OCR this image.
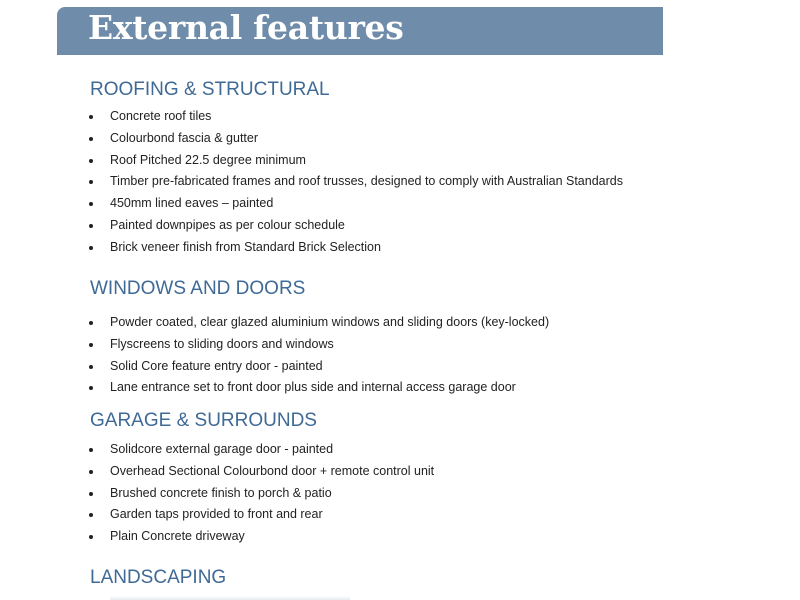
External features
ROOFING & STRUCTURAL
Concrete roof tiles
Colourbond fascia & gutter
Roof Pitched 22.5 degree minimum
Timber pre-fabricated frames and roof trusses, designed to comply with Australian Standards
450mm lined eaves – painted
Painted downpipes as per colour schedule
Brick veneer finish from Standard Brick Selection
WINDOWS AND DOORS
Powder coated, clear glazed aluminium windows and sliding doors (key-locked)
Flyscreens to sliding doors and windows
Solid Core feature entry door - painted
Lane entrance set to front door plus side and internal access garage door
GARAGE & SURROUNDS
Solidcore external garage door - painted
Overhead Sectional Colourbond door + remote control unit
Brushed concrete finish to porch & patio
Garden taps provided to front and rear
Plain Concrete driveway
LANDSCAPING
